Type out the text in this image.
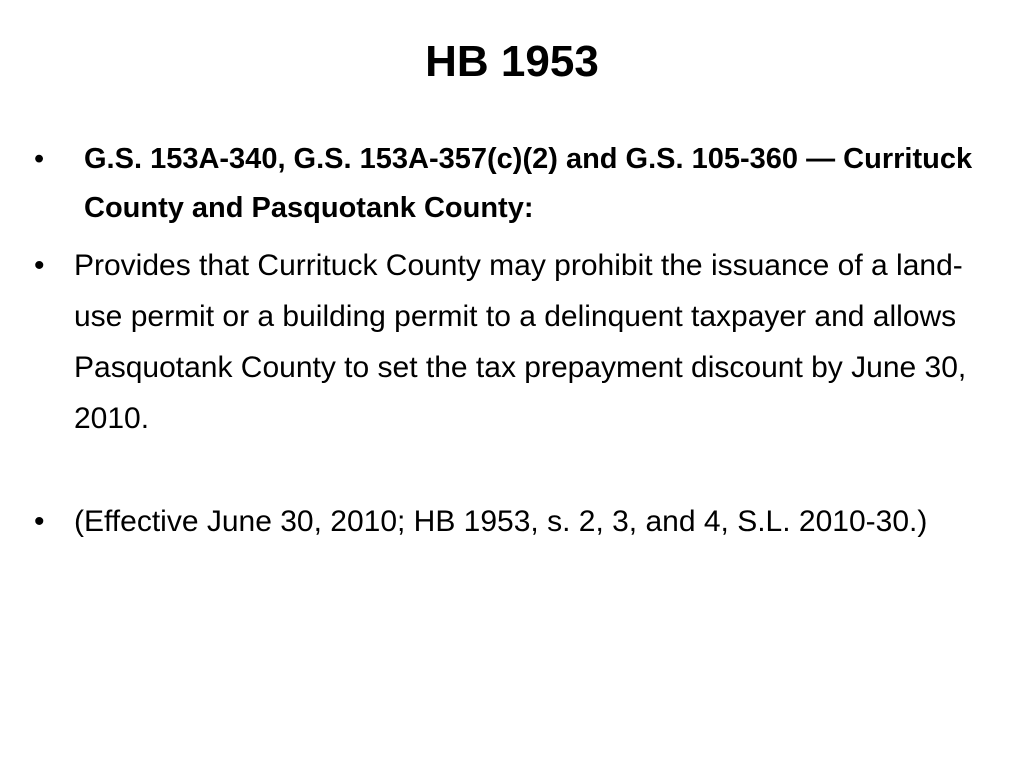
HB 1953
• G.S. 153A-340, G.S. 153A-357(c)(2) and G.S. 105-360 — Currituck County and Pasquotank County:
• Provides that Currituck County may prohibit the issuance of a land-use permit or a building permit to a delinquent taxpayer and allows Pasquotank County to set the tax prepayment discount by June 30, 2010.
• (Effective June 30, 2010; HB 1953, s. 2, 3, and 4, S.L. 2010-30.)
